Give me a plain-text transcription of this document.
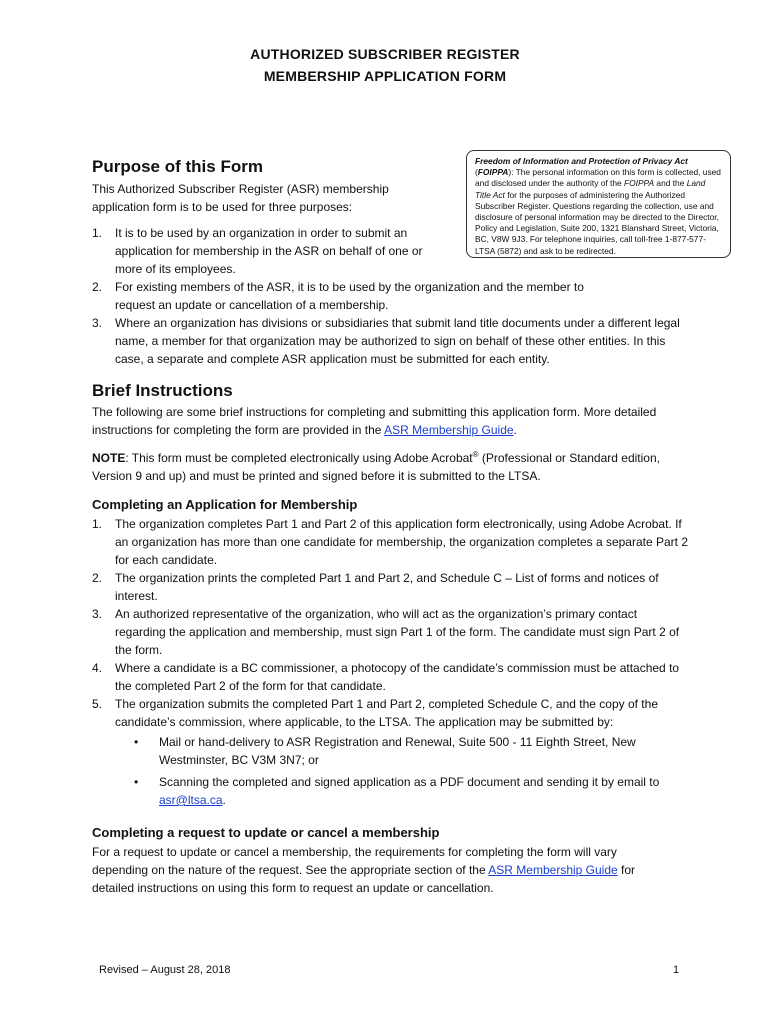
AUTHORIZED SUBSCRIBER REGISTER
MEMBERSHIP APPLICATION FORM
Freedom of Information and Protection of Privacy Act
(FOIPPA): The personal information on this form is collected, used and disclosed under the authority of the FOIPPA and the Land Title Act for the purposes of administering the Authorized Subscriber Register. Questions regarding the collection, use and disclosure of personal information may be directed to the Director, Policy and Legislation, Suite 200, 1321 Blanshard Street, Victoria, BC, V8W 9J3. For telephone inquiries, call toll-free 1-877-577-LTSA (5872) and ask to be redirected.
Purpose of this Form
This Authorized Subscriber Register (ASR) membership application form is to be used for three purposes:
1. It is to be used by an organization in order to submit an application for membership in the ASR on behalf of one or more of its employees.
2. For existing members of the ASR, it is to be used by the organization and the member to request an update or cancellation of a membership.
3. Where an organization has divisions or subsidiaries that submit land title documents under a different legal name, a member for that organization may be authorized to sign on behalf of these other entities. In this case, a separate and complete ASR application must be submitted for each entity.
Brief Instructions
The following are some brief instructions for completing and submitting this application form. More detailed instructions for completing the form are provided in the ASR Membership Guide.
NOTE: This form must be completed electronically using Adobe Acrobat® (Professional or Standard edition, Version 9 and up) and must be printed and signed before it is submitted to the LTSA.
Completing an Application for Membership
1. The organization completes Part 1 and Part 2 of this application form electronically, using Adobe Acrobat. If an organization has more than one candidate for membership, the organization completes a separate Part 2 for each candidate.
2. The organization prints the completed Part 1 and Part 2, and Schedule C – List of forms and notices of interest.
3. An authorized representative of the organization, who will act as the organization’s primary contact regarding the application and membership, must sign Part 1 of the form. The candidate must sign Part 2 of the form.
4. Where a candidate is a BC commissioner, a photocopy of the candidate’s commission must be attached to the completed Part 2 of the form for that candidate.
5. The organization submits the completed Part 1 and Part 2, completed Schedule C, and the copy of the candidate’s commission, where applicable, to the LTSA. The application may be submitted by:
• Mail or hand-delivery to ASR Registration and Renewal, Suite 500 - 11 Eighth Street, New Westminster, BC V3M 3N7; or
• Scanning the completed and signed application as a PDF document and sending it by email to asr@ltsa.ca.
Completing a request to update or cancel a membership
For a request to update or cancel a membership, the requirements for completing the form will vary depending on the nature of the request. See the appropriate section of the ASR Membership Guide for detailed instructions on using this form to request an update or cancellation.
Revised – August 28, 2018	1
